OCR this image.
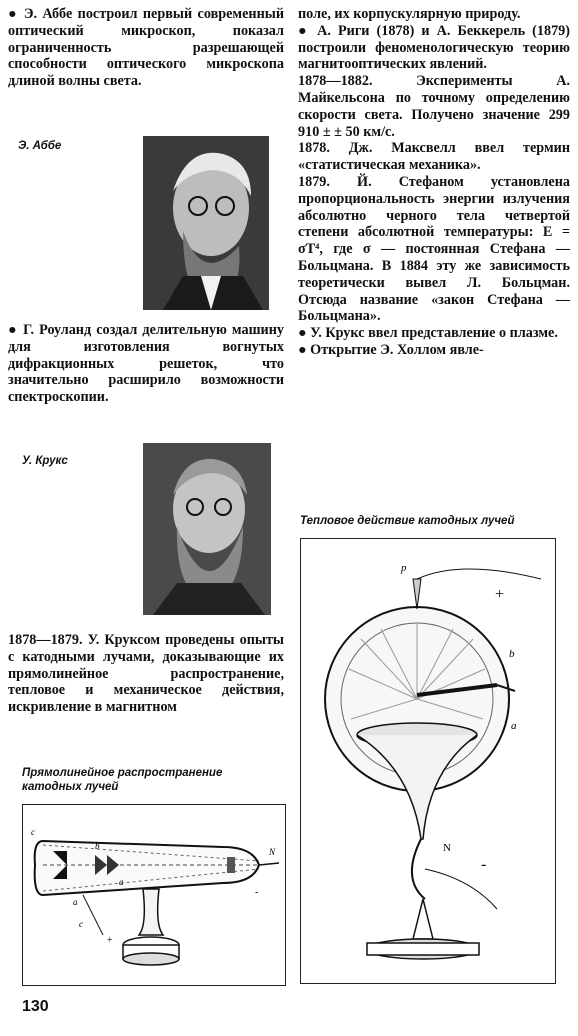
● Э. Аббе построил первый современный оптический микроскоп, показал ограниченность разрешающей способности оптического микроскопа длиной волны света.

Э. Аббе

● Г. Роуланд создал делительную машину для изготовления вогнутых дифракционных решеток, что значительно расширило возможности спектроскопии.

У. Крукс

1878—1879. У. Круксом проведены опыты с катодными лучами, доказывающие их прямолинейное распространение, тепловое и механическое действия, искривление в магнитном

Прямолинейное распространение катодных лучей
c
b
a
N
a
c
+
-

поле, их корпускулярную природу.

● А. Риги (1878) и А. Беккерель (1879) построили феноменологическую теорию магнитооптических явлений.

1878—1882.	Эксперименты А. Майкельсона по точному определению скорости света. Получено значение 299 910 ± ± 50 км/с.

1878. Дж. Максвелл ввел термин «статистическая механика».

1879. Й. Стефаном установлена пропорциональность энергии излучения абсолютно черного тела четвертой степени абсолютной температуры: E = σT⁴, где σ — постоянная Стефана — Больцмана. В 1884 эту же зависимость теоретически вывел Л. Больцман. Отсюда название «закон Стефана — Больцмана».

● У. Крукс ввел представление о плазме.

● Открытие Э. Холлом явле-

Тепловое действие катодных лучей
p
+
b
a
N
-
130
